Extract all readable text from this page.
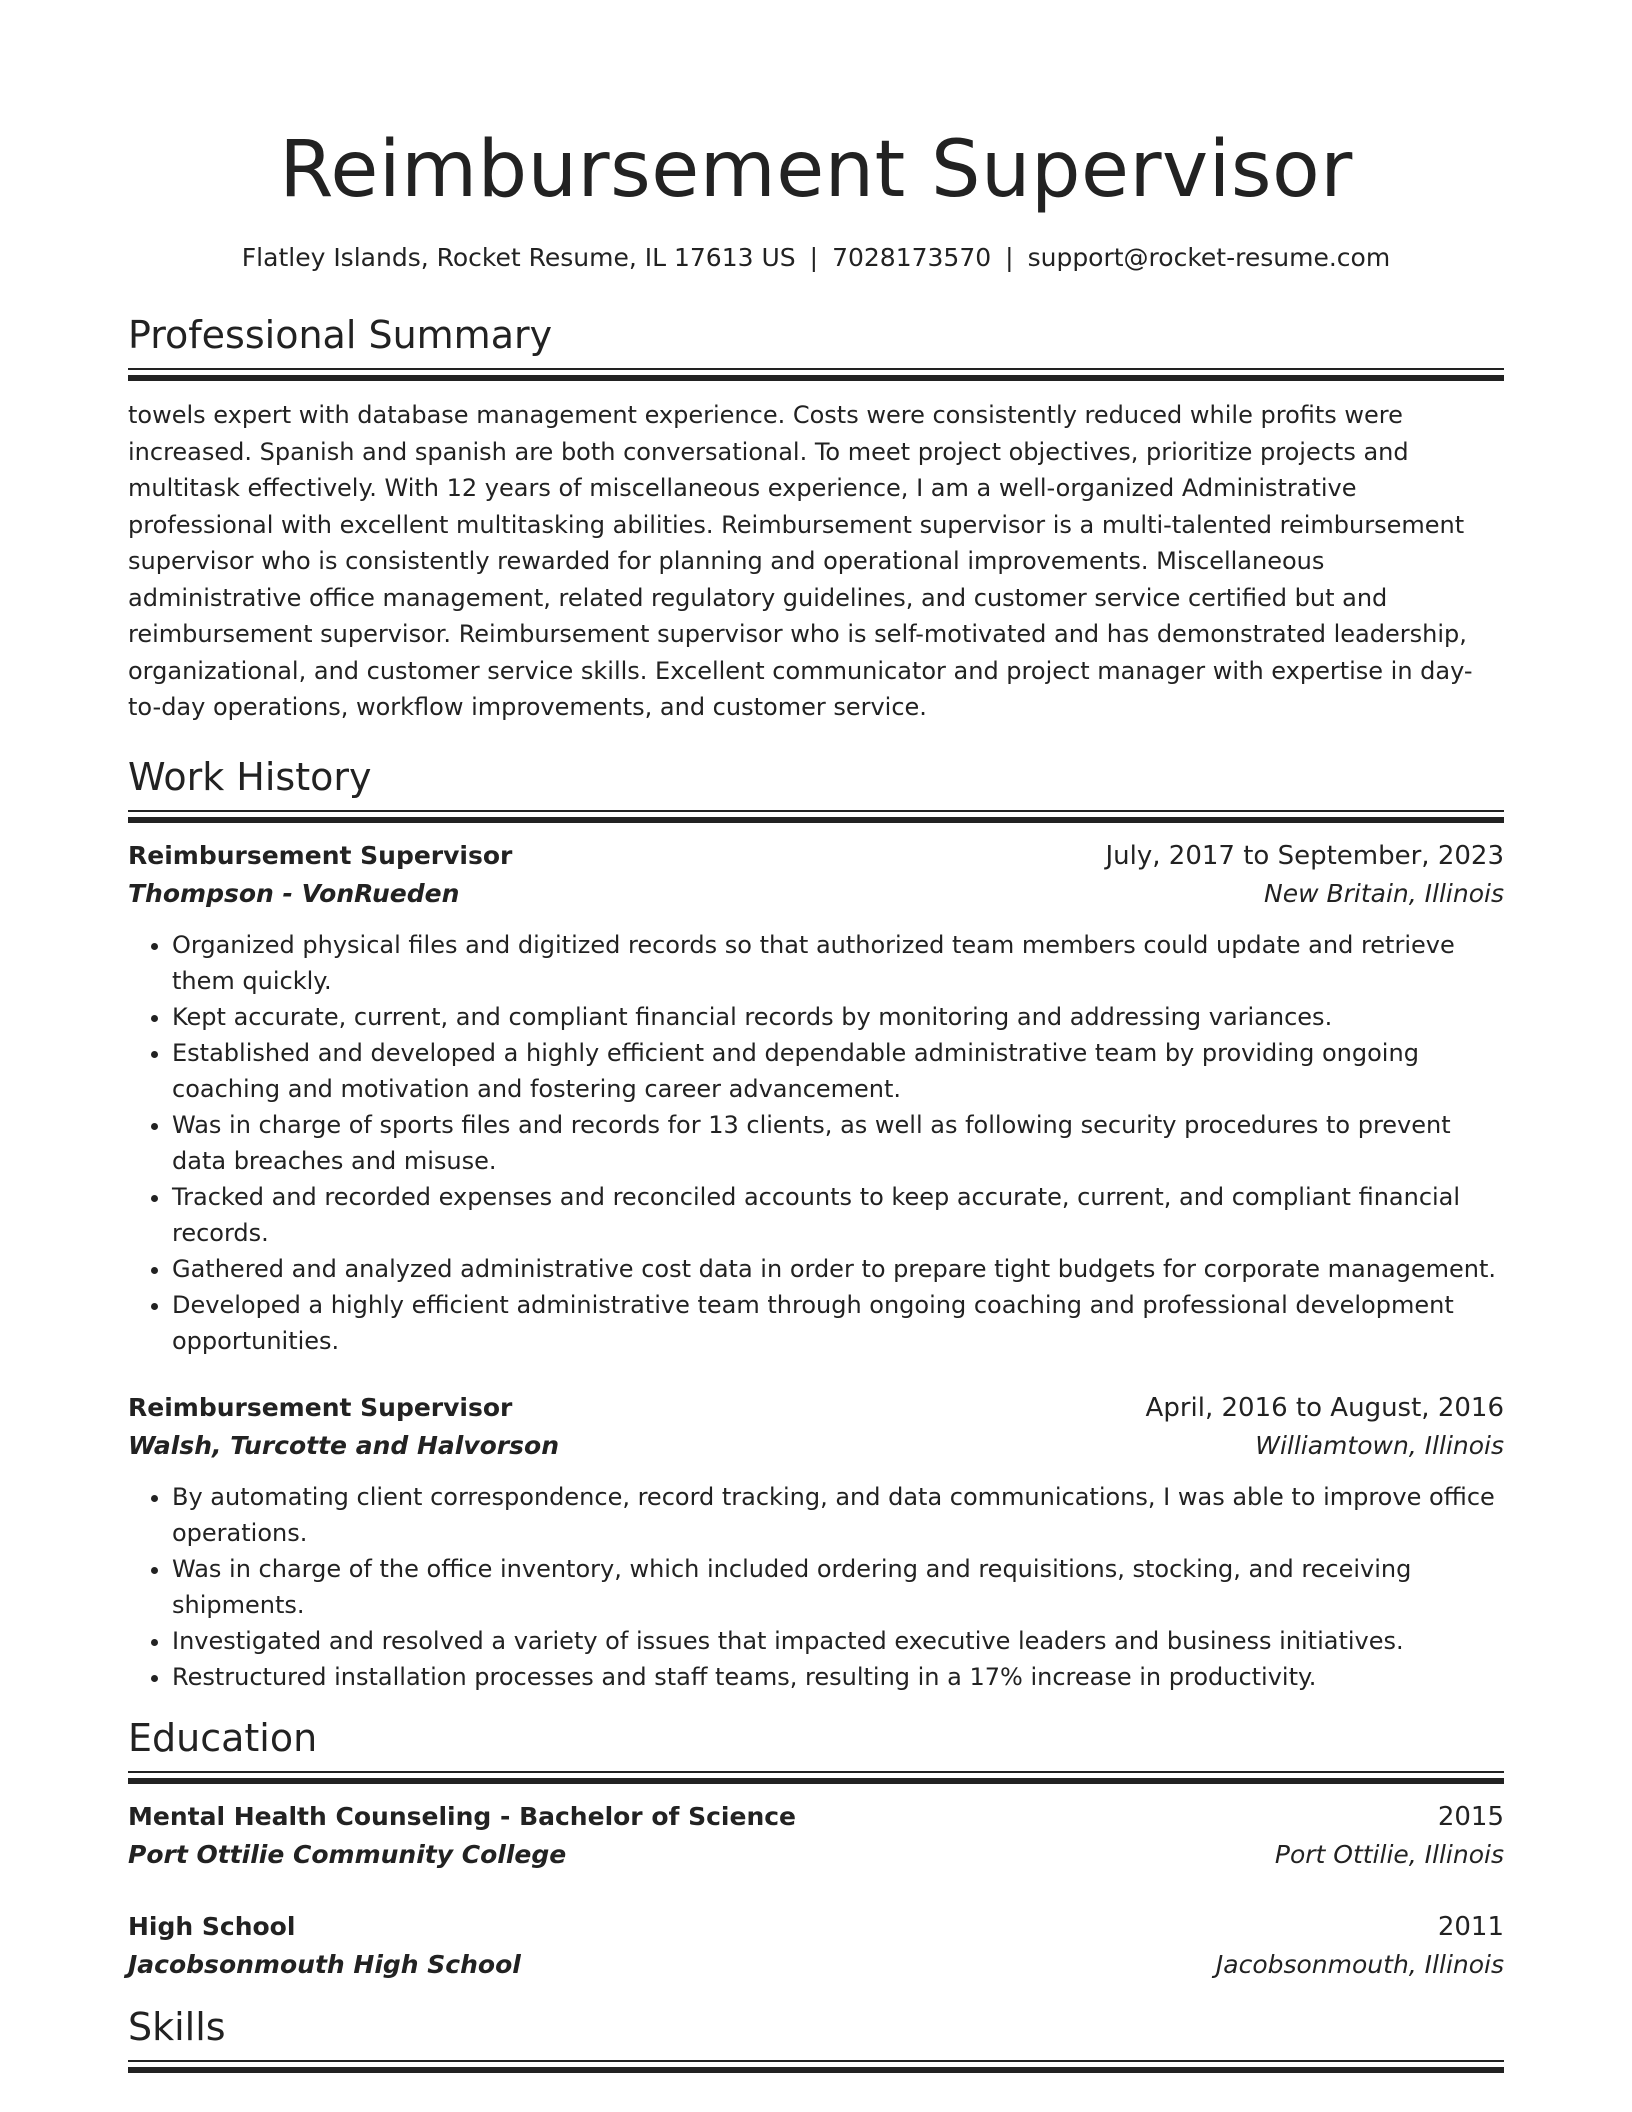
Reimbursement Supervisor
Flatley Islands, Rocket Resume, IL 17613 US | 7028173570 | support@rocket-resume.com
Professional Summary
towels expert with database management experience. Costs were consistently reduced while profits were increased. Spanish and spanish are both conversational. To meet project objectives, prioritize projects and multitask effectively. With 12 years of miscellaneous experience, I am a well-organized Administrative professional with excellent multitasking abilities. Reimbursement supervisor is a multi-talented reimbursement supervisor who is consistently rewarded for planning and operational improvements. Miscellaneous administrative office management, related regulatory guidelines, and customer service certified but and reimbursement supervisor. Reimbursement supervisor who is self-motivated and has demonstrated leadership, organizational, and customer service skills. Excellent communicator and project manager with expertise in day-to-day operations, workflow improvements, and customer service.
Work History
Reimbursement Supervisor	July, 2017 to September, 2023
Thompson - VonRueden	New Britain, Illinois
• Organized physical files and digitized records so that authorized team members could update and retrieve them quickly.
• Kept accurate, current, and compliant financial records by monitoring and addressing variances.
• Established and developed a highly efficient and dependable administrative team by providing ongoing coaching and motivation and fostering career advancement.
• Was in charge of sports files and records for 13 clients, as well as following security procedures to prevent data breaches and misuse.
• Tracked and recorded expenses and reconciled accounts to keep accurate, current, and compliant financial records.
• Gathered and analyzed administrative cost data in order to prepare tight budgets for corporate management.
• Developed a highly efficient administrative team through ongoing coaching and professional development opportunities.
Reimbursement Supervisor	April, 2016 to August, 2016
Walsh, Turcotte and Halvorson	Williamtown, Illinois
• By automating client correspondence, record tracking, and data communications, I was able to improve office operations.
• Was in charge of the office inventory, which included ordering and requisitions, stocking, and receiving shipments.
• Investigated and resolved a variety of issues that impacted executive leaders and business initiatives.
• Restructured installation processes and staff teams, resulting in a 17% increase in productivity.
Education
Mental Health Counseling - Bachelor of Science	2015
Port Ottilie Community College	Port Ottilie, Illinois
High School	2011
Jacobsonmouth High School	Jacobsonmouth, Illinois
Skills
